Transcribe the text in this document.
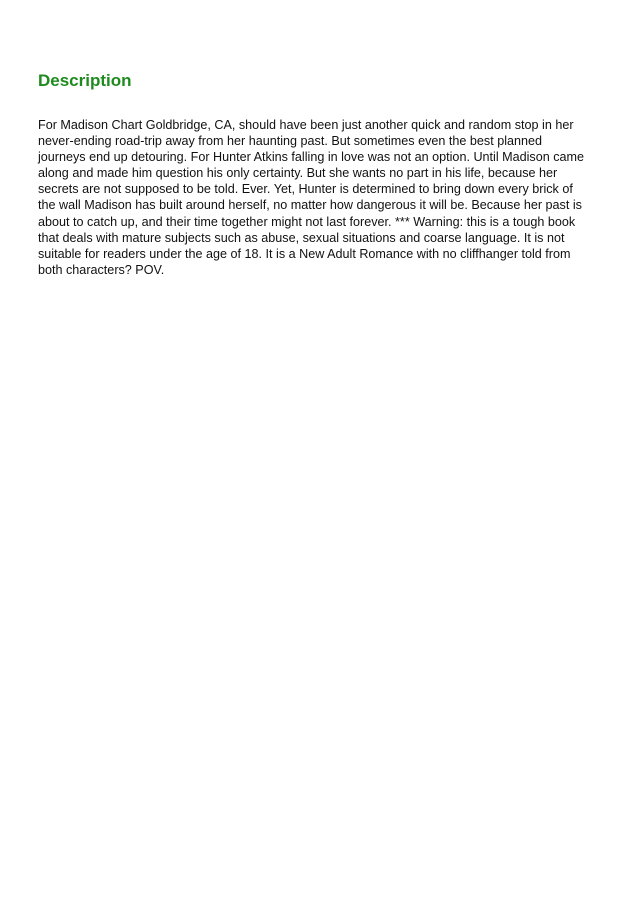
Description
For Madison Chart Goldbridge, CA, should have been just another quick and random stop in her
never-ending road-trip away from her haunting past. But sometimes even the best planned
journeys end up detouring. For Hunter Atkins falling in love was not an option. Until Madison came
along and made him question his only certainty. But she wants no part in his life, because her
secrets are not supposed to be told. Ever. Yet, Hunter is determined to bring down every brick of
the wall Madison has built around herself, no matter how dangerous it will be. Because her past is
about to catch up, and their time together might not last forever. *** Warning: this is a tough book
that deals with mature subjects such as abuse, sexual situations and coarse language. It is not
suitable for readers under the age of 18. It is a New Adult Romance with no cliffhanger told from
both characters? POV.
